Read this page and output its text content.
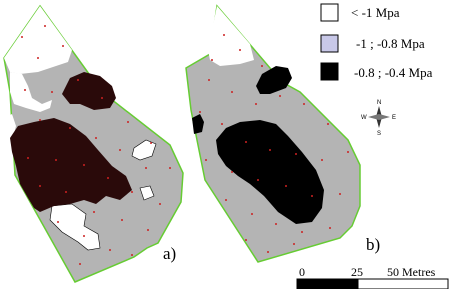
a)	b)
< -1 Mpa
-1 ; -0.8 Mpa
-0.8 ; -0.4 Mpa
N
S
E
W
0	25 50 Metres
